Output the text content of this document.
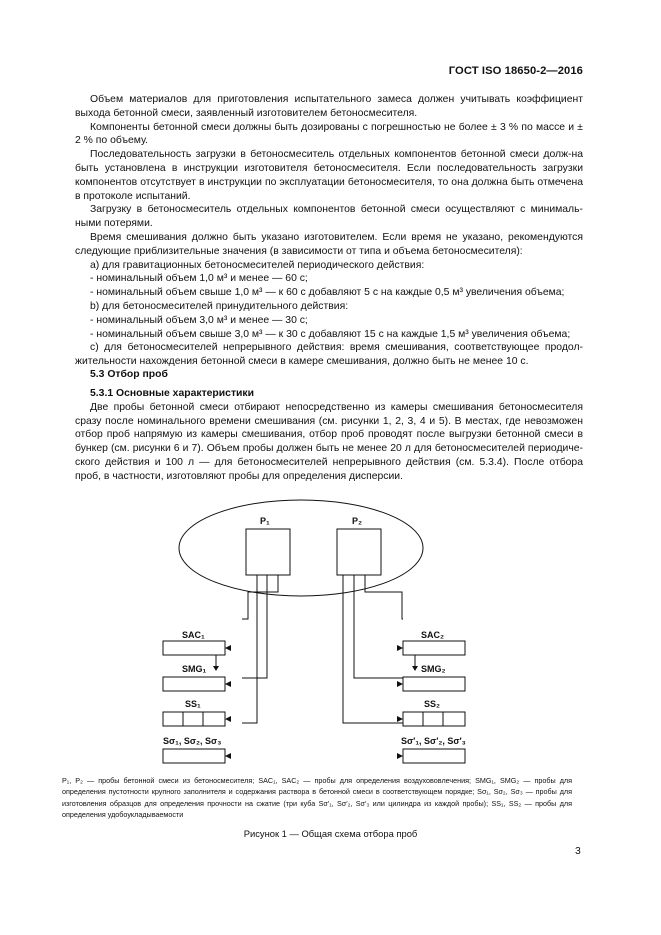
ГОСТ ISO 18650-2—2016

Объем материалов для приготовления испытательного замеса должен учитывать коэффициент выхода бетонной смеси, заявленный изготовителем бетоносмесителя.

Компоненты бетонной смеси должны быть дозированы с погрешностью не более ± 3 % по массе и ± 2 % по объему.

Последовательность загрузки в бетоносмеситель отдельных компонентов бетонной смеси долж-на быть установлена в инструкции изготовителя бетоносмесителя. Если последовательность загрузки компонентов отсутствует в инструкции по эксплуатации бетоносмесителя, то она должна быть отмечена в протоколе испытаний.

Загрузку в бетоносмеситель отдельных компонентов бетонной смеси осуществляют с минималь-ными потерями.

Время смешивания должно быть указано изготовителем. Если время не указано, рекомендуются следующие приблизительные значения (в зависимости от типа и объема бетоносмесителя):

а) для гравитационных бетоносмесителей периодического действия:

- номинальный объем 1,0 м³ и менее — 60 с;

- номинальный объем свыше 1,0 м³ — к 60 с добавляют 5 с на каждые 0,5 м³ увеличения объема;

b) для бетоносмесителей принудительного действия:

- номинальный объем 3,0 м³ и менее — 30 с;

- номинальный объем свыше 3,0 м³ — к 30 с добавляют 15 с на каждые 1,5 м³ увеличения объема;

с) для бетоносмесителей непрерывного действия: время смешивания, соответствующее продол-жительности нахождения бетонной смеси в камере смешивания, должно быть не менее 10 с.

5.3 Отбор проб

5.3.1 Основные характеристики

Две пробы бетонной смеси отбирают непосредственно из камеры смешивания бетоносмесителя сразу после номинального времени смешивания (см. рисунки 1, 2, 3, 4 и 5). В местах, где невозможен отбор проб напрямую из камеры смешивания, отбор проб проводят после выгрузки бетонной смеси в бункер (см. рисунки 6 и 7). Объем пробы должен быть не менее 20 л для бетоносмесителей периодиче-ского действия и 100 л — для бетоносмесителей непрерывного действия (см. 5.3.4). После отбора проб, в частности, изготовляют пробы для определения дисперсии.

P₁	P₂
SAC₁
SMG₁
SS₁
Sσ₁, Sσ₂, Sσ₃
SAC₂
SMG₂
SS₂
Sσ′₁, Sσ′₂, Sσ′₃
P₁, P₂ — пробы бетонной смеси из бетоносмесителя; SAC₁, SAC₂ — пробы для определения воздухововлечения; SMG₁, SMG₂ — пробы для определения пустотности крупного заполнителя и содержания раствора в бетонной смеси в соответствующем порядке; Sσ₁, Sσ₂, Sσ₃ — пробы для изготовления образцов для определения прочности на сжатие (три куба Sσ′₁, Sσ′₂, Sσ′₃ или цилиндра из каждой пробы); SS₁, SS₂ — пробы для определения удобоукладываемости
Рисунок 1 — Общая схема отбора проб
3
